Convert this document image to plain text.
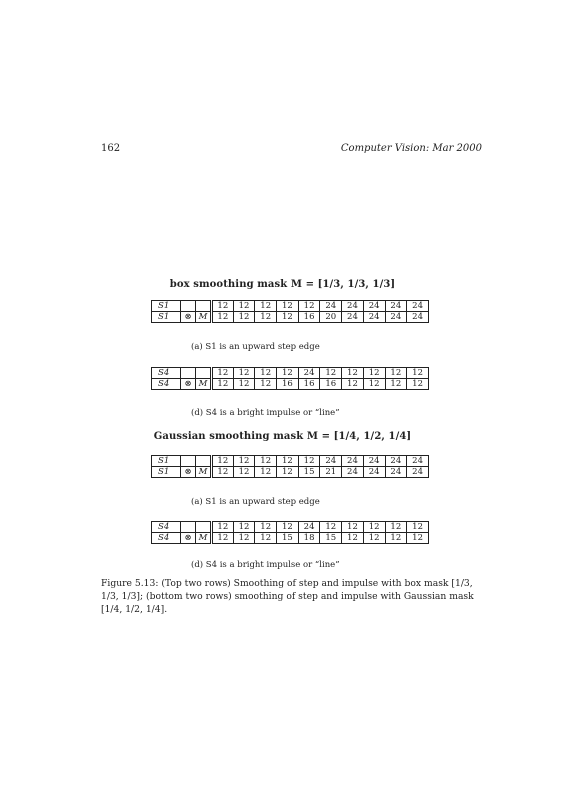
162	Computer Vision: Mar 2000
box smoothing mask M = [1/3, 1/3, 1/3]
S1			12	12	12	12	12	24	24	24	24	24
S1	⊗	M	12	12	12	12	16	20	24	24	24	24
(a) S1 is an upward step edge
S4			12	12	12	12	24	12	12	12	12	12
S4	⊗	M	12	12	12	16	16	16	12	12	12	12
(d) S4 is a bright impulse or “line”
Gaussian smoothing mask M = [1/4, 1/2, 1/4]
S1			12	12	12	12	12	24	24	24	24	24
S1	⊗	M	12	12	12	12	15	21	24	24	24	24
(a) S1 is an upward step edge
S4			12	12	12	12	24	12	12	12	12	12
S4	⊗	M	12	12	12	15	18	15	12	12	12	12
(d) S4 is a bright impulse or “line”
Figure 5.13: (Top two rows) Smoothing of step and impulse with box mask [1/3, 1/3, 1/3]; (bottom two rows) smoothing of step and impulse with Gaussian mask [1/4, 1/2, 1/4].
